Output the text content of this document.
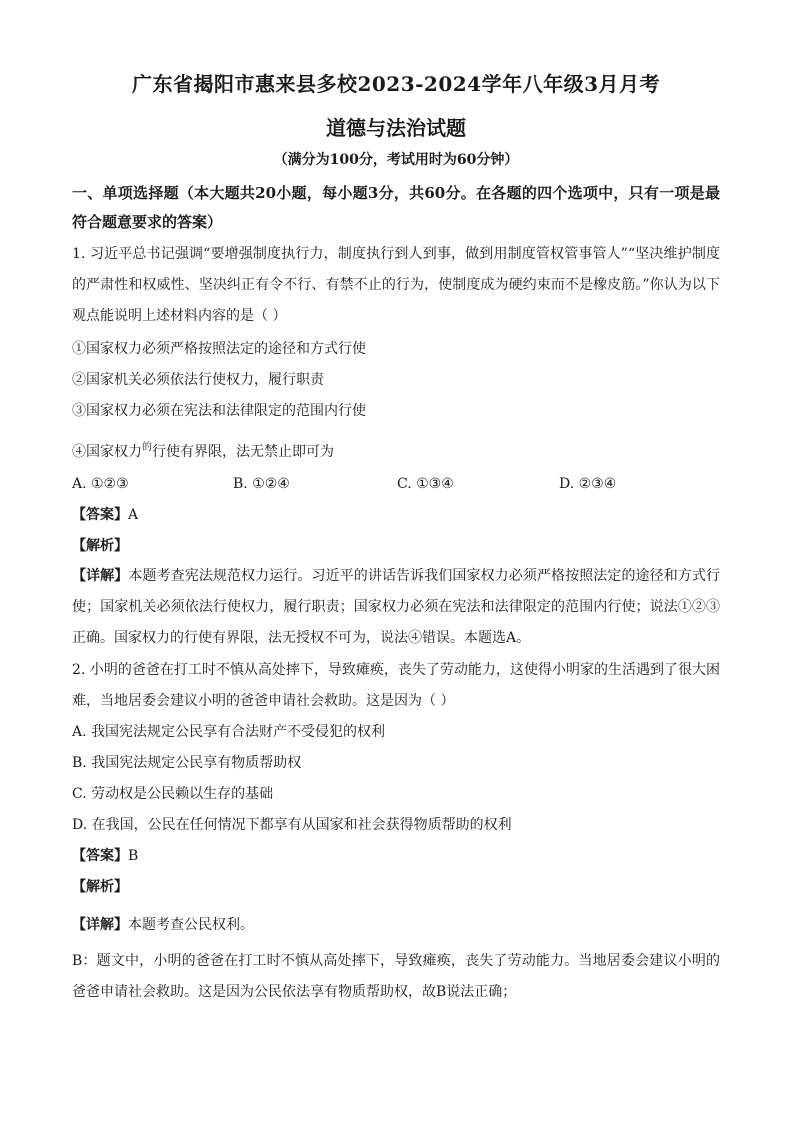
广东省揭阳市惠来县多校2023-2024学年八年级3月月考
道德与法治试题
（满分为100分，考试用时为60分钟）
一、单项选择题（本大题共20小题，每小题3分，共60分。在各题的四个选项中，只有一项是最符合题意要求的答案）
1. 习近平总书记强调“要增强制度执行力，制度执行到人到事，做到用制度管权管事管人”“坚决维护制度的严肃性和权威性、坚决纠正有令不行、有禁不止的行为，使制度成为硬约束而不是橡皮筋。”你认为以下观点能说明上述材料内容的是（ ）
①国家权力必须严格按照法定的途径和方式行使
②国家机关必须依法行使权力，履行职责
③国家权力必须在宪法和法律限定的范围内行使
④国家权力$^的$行使有界限，法无禁止即可为
A. ①②③	B. ①②④	C. ①③④	D. ②③④
【答案】A
【解析】
【详解】本题考查宪法规范权力运行。习近平的讲话告诉我们国家权力必须严格按照法定的途径和方式行使；国家机关必须依法行使权力，履行职责；国家权力必须在宪法和法律限定的范围内行使；说法①②③正确。国家权力的行使有界限，法无授权不可为，说法④错误。本题选A。
2. 小明的爸爸在打工时不慎从高处摔下，导致瘫痪，丧失了劳动能力，这使得小明家的生活遇到了很大困难，当地居委会建议小明的爸爸申请社会救助。这是因为（ ）
A. 我国宪法规定公民享有合法财产不受侵犯的权利
B. 我国宪法规定公民享有物质帮助权
C. 劳动权是公民赖以生存的基础
D. 在我国，公民在任何情况下都享有从国家和社会获得物质帮助的权利
【答案】B
【解析】
【详解】本题考查公民权利。
B：题文中，小明的爸爸在打工时不慎从高处摔下，导致瘫痪，丧失了劳动能力。当地居委会建议小明的爸爸申请社会救助。这是因为公民依法享有物质帮助权，故B说法正确；
